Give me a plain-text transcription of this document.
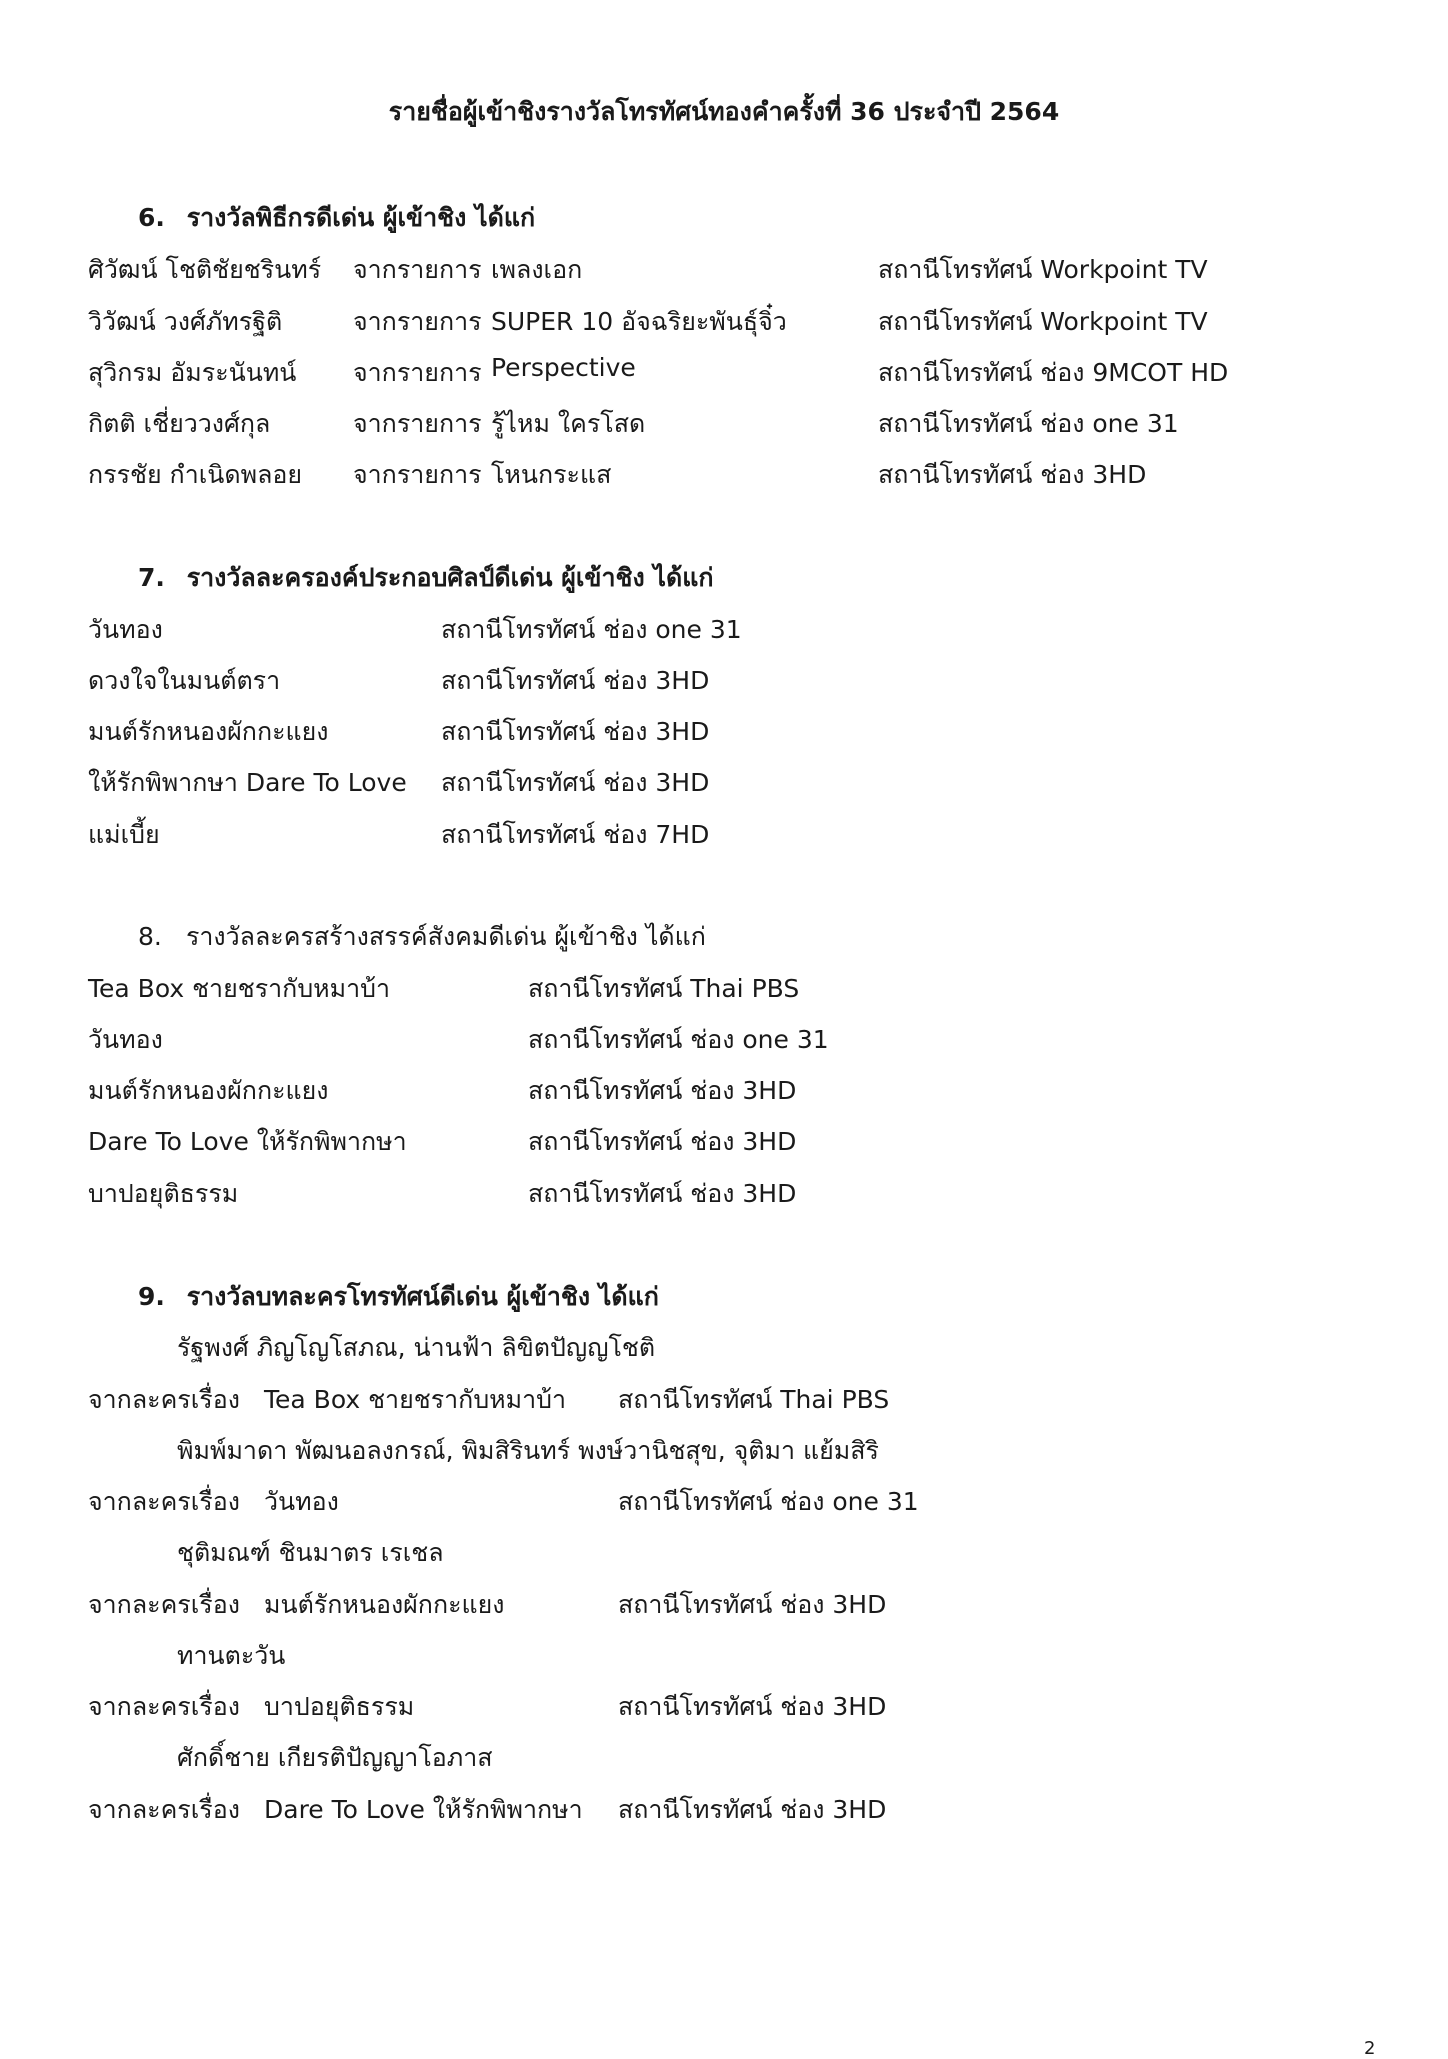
รายชื่อผู้เข้าชิงรางวัลโทรทัศน์ทองคำครั้งที่ 36 ประจำปี 2564
6. รางวัลพิธีกรดีเด่น ผู้เข้าชิง ได้แก่
ศิวัฒน์ โชติชัยชรินทร์ จากรายการ เพลงเอก	สถานีโทรทัศน์ Workpoint TV
วิวัฒน์ วงศ์ภัทรฐิติ	จากรายการ SUPER 10 อัจฉริยะพันธุ์จิ๋ว	สถานีโทรทัศน์ Workpoint TV
สุวิกรม อัมระนันทน์ จากรายการ Perspective	สถานีโทรทัศน์ ช่อง 9MCOT HD
กิตติ เชี่ยววงศ์กุล	จากรายการ รู้ไหม ใครโสด	สถานีโทรทัศน์ ช่อง one 31
กรรชัย กำเนิดพลอย จากรายการ โหนกระแส	สถานีโทรทัศน์ ช่อง 3HD
7. รางวัลละครองค์ประกอบศิลป์ดีเด่น ผู้เข้าชิง ได้แก่
วันทอง	สถานีโทรทัศน์ ช่อง one 31
ดวงใจในมนต์ตรา	สถานีโทรทัศน์ ช่อง 3HD
มนต์รักหนองผักกะแยง	สถานีโทรทัศน์ ช่อง 3HD
ให้รักพิพากษา Dare To Love สถานีโทรทัศน์ ช่อง 3HD
แม่เบี้ย	สถานีโทรทัศน์ ช่อง 7HD
8. รางวัลละครสร้างสรรค์สังคมดีเด่น ผู้เข้าชิง ได้แก่
Tea Box ชายชรากับหมาบ้า	สถานีโทรทัศน์ Thai PBS
วันทอง	สถานีโทรทัศน์ ช่อง one 31
มนต์รักหนองผักกะแยง	สถานีโทรทัศน์ ช่อง 3HD
Dare To Love ให้รักพิพากษา	สถานีโทรทัศน์ ช่อง 3HD
บาปอยุติธรรม	สถานีโทรทัศน์ ช่อง 3HD
9. รางวัลบทละครโทรทัศน์ดีเด่น ผู้เข้าชิง ได้แก่
รัฐพงศ์ ภิญโญโสภณ, น่านฟ้า ลิขิตปัญญโชติ
จากละครเรื่อง Tea Box ชายชรากับหมาบ้า สถานีโทรทัศน์ Thai PBS
พิมพ์มาดา พัฒนอลงกรณ์, พิมสิรินทร์ พงษ์วานิชสุข, จุติมา แย้มสิริ
จากละครเรื่อง วันทอง	สถานีโทรทัศน์ ช่อง one 31
ชุติมณฑ์ ชินมาตร เรเชล
จากละครเรื่อง มนต์รักหนองผักกะแยง	สถานีโทรทัศน์ ช่อง 3HD
ทานตะวัน
จากละครเรื่อง บาปอยุติธรรม	สถานีโทรทัศน์ ช่อง 3HD
ศักดิ์ชาย เกียรติปัญญาโอภาส
จากละครเรื่อง Dare To Love ให้รักพิพากษา สถานีโทรทัศน์ ช่อง 3HD
2
